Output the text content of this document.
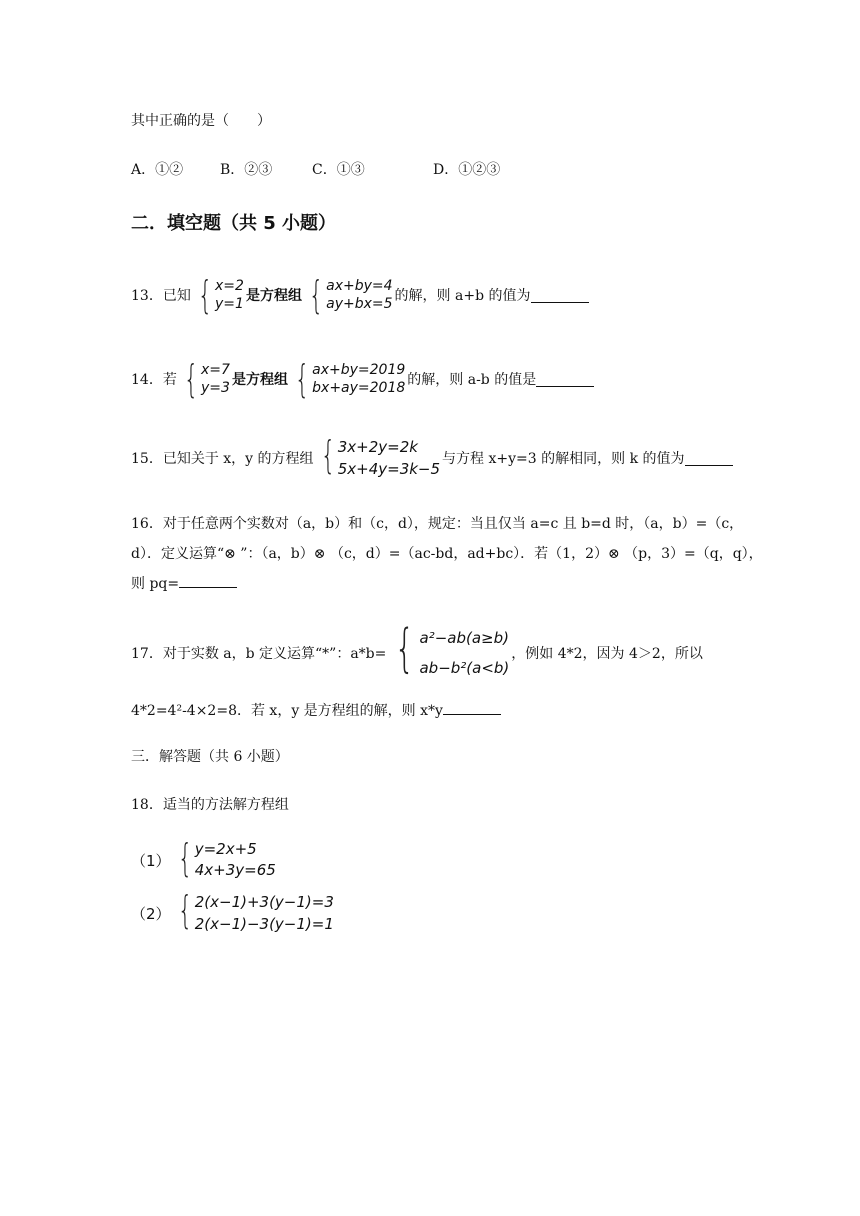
其中正确的是（　　）
A．①②	B．②③	C．①③	D．①②③
二．填空题（共 5 小题）
13．已知 { x=2
y=1 是方程组 { ax+by=4
ay+bx=5 的解，则 a+b 的值为
14．若 { x=7
y=3 是方程组 { ax+by=2019
bx+ay=2018 的解，则 a-b 的值是
15．已知关于 x，y 的方程组 { 3x+2y=2k
5x+4y=3k−5
与方程 x+y=3 的解相同，则 k 的值为
16．对于任意两个实数对（a，b）和（c，d），规定：当且仅当 a=c 且 b=d 时，（a，b）=（c，
d）．定义运算“⊗ ”：（a，b）⊗ （c，d）=（ac-bd，ad+bc）．若（1，2）⊗ （p，3）=（q，q），
则 pq=
17．对于实数 a，b 定义运算“*”：a*b= { a²−ab(a≥b)
ab−b²(a<b)
，例如 4*2，因为 4＞2，所以
4*2=4²-4×2=8．若 x，y 是方程组的解，则 x*y
三．解答题（共 6 小题）
18．适当的方法解方程组
（1） { y=2x+5
4x+3y=65
（2） { 2(x−1)+3(y−1)=3
2(x−1)−3(y−1)=1
